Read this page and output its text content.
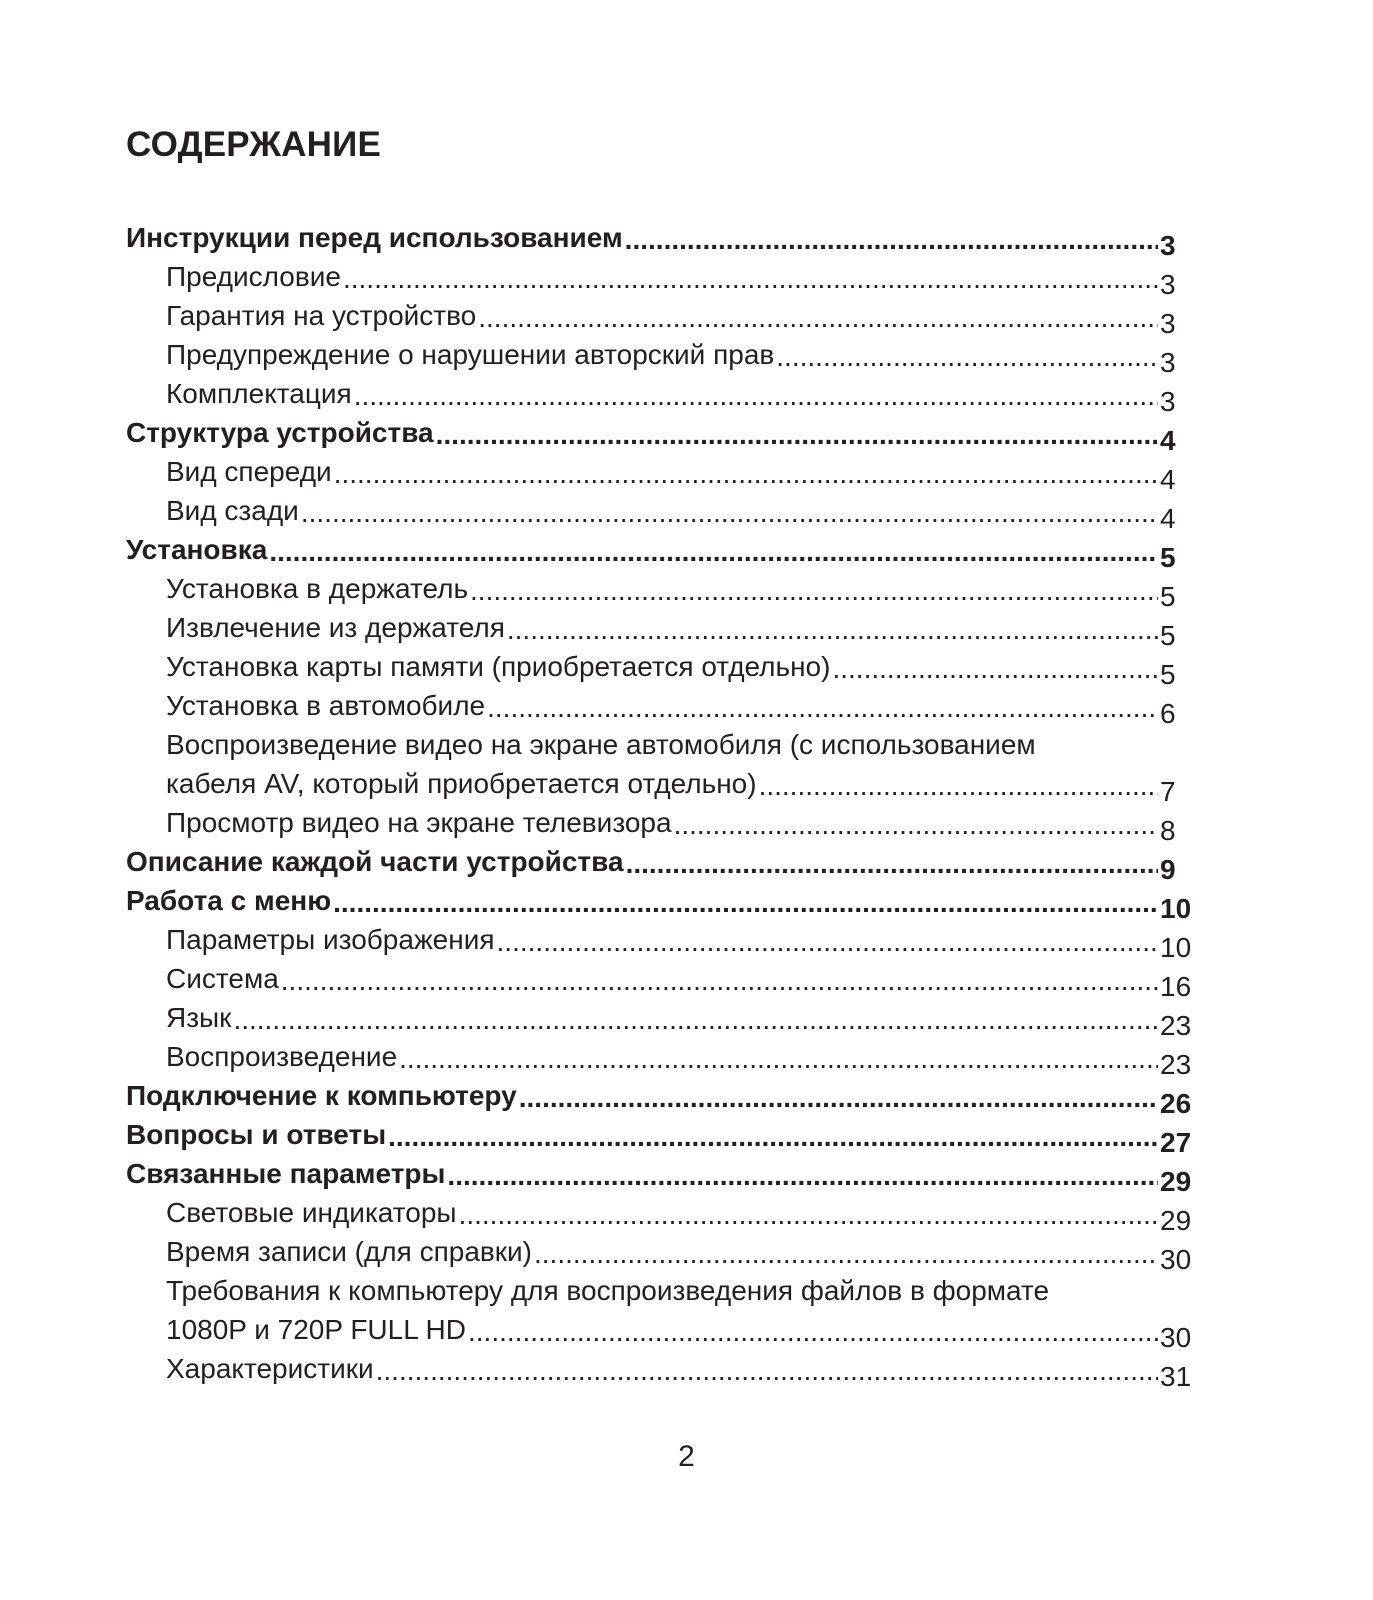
СОДЕРЖАНИЕ
Инструкции перед использованием .....	3
Предисловие .....	3
Гарантия на устройство .....	3
Предупреждение о нарушении авторский прав .....	3
Комплектация .....	3
Структура устройства .....	4
Вид спереди .....	4
Вид сзади .....	4
Установка .....	5
Установка в держатель .....	5
Извлечение из держателя .....	5
Установка карты памяти (приобретается отдельно) .....	5
Установка в автомобиле .....	6
Воспроизведение видео на экране автомобиля (с использованием
кабеля AV, который приобретается отдельно) .....	7
Просмотр видео на экране телевизора .....	8
Описание каждой части устройства .....	9
Работа с меню .....	10
Параметры изображения .....	10
Система .....	16
Язык .....	23
Воспроизведение .....	23
Подключение к компьютеру .....	26
Вопросы и ответы .....	27
Связанные параметры .....	29
Световые индикаторы .....	29
Время записи (для справки) .....	30
Требования к компьютеру для воспроизведения файлов в формате
1080P и 720P FULL HD .....	30
Характеристики .....	31

2
